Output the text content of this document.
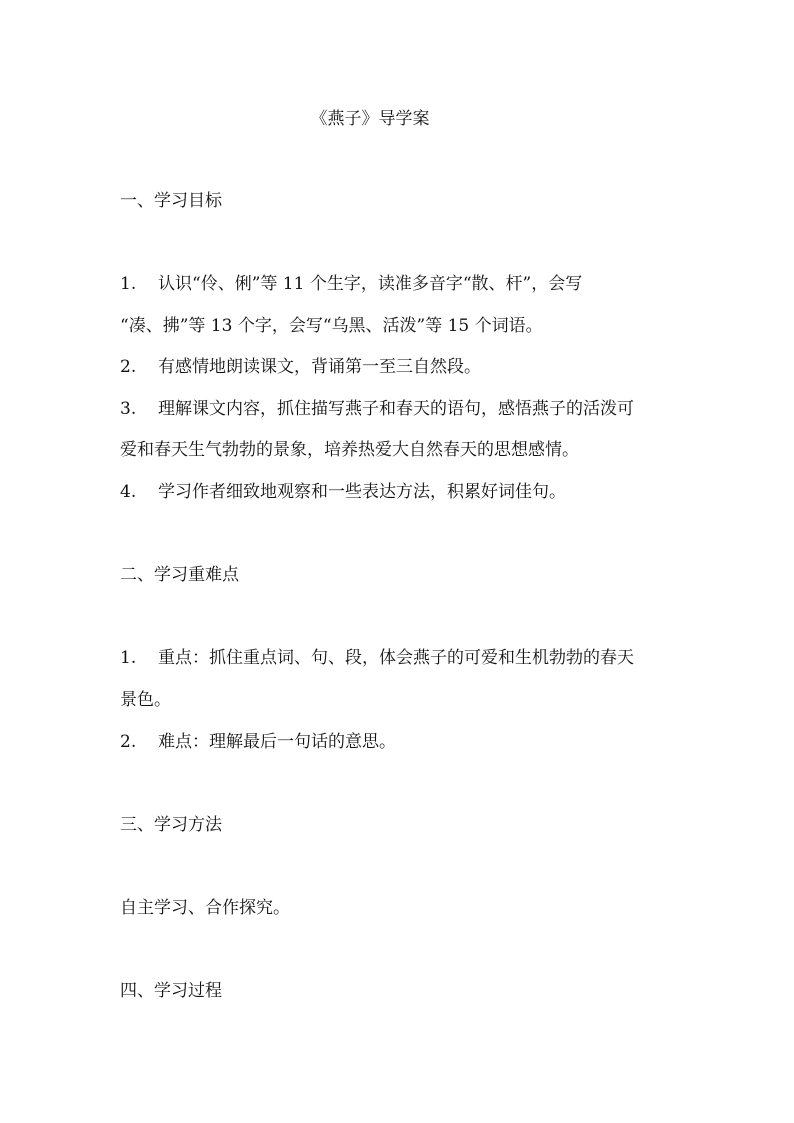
《燕子》导学案
一、学习目标
1. 认识“伶、俐”等 11 个生字，读准多音字“散、杆”，会写
“凑、拂”等 13 个字，会写“乌黑、活泼”等 15 个词语。
2. 有感情地朗读课文，背诵第一至三自然段。
3. 理解课文内容，抓住描写燕子和春天的语句，感悟燕子的活泼可
爱和春天生气勃勃的景象，培养热爱大自然春天的思想感情。
4. 学习作者细致地观察和一些表达方法，积累好词佳句。
二、学习重难点
1. 重点：抓住重点词、句、段，体会燕子的可爱和生机勃勃的春天
景色。
2. 难点：理解最后一句话的意思。
三、学习方法
自主学习、合作探究。
四、学习过程
